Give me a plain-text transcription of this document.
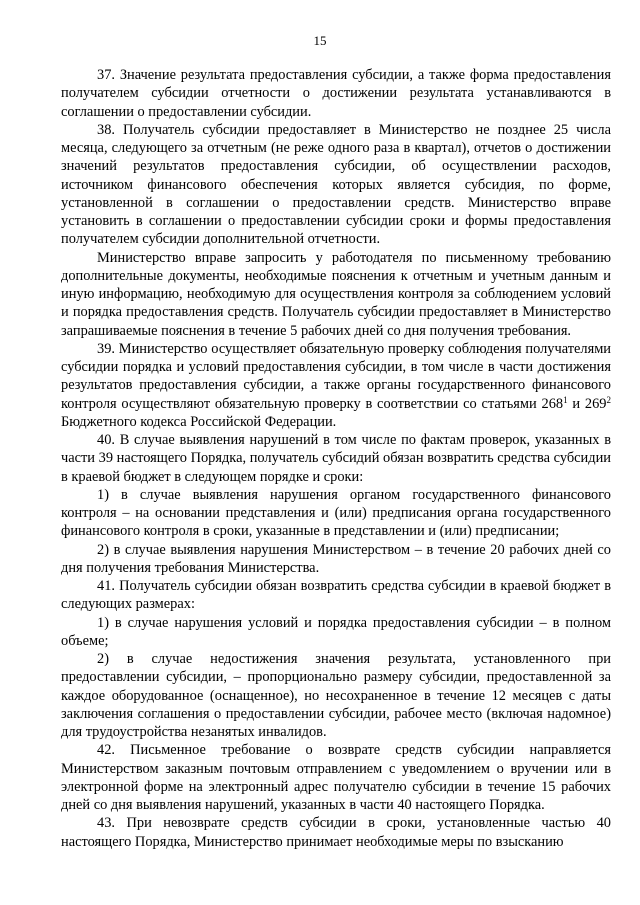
15

37. Значение результата предоставления субсидии, а также форма предоставления получателем субсидии отчетности о достижении результата устанавливаются в соглашении о предоставлении субсидии.

38. Получатель субсидии предоставляет в Министерство не позднее 25 числа месяца, следующего за отчетным (не реже одного раза в квартал), отчетов о достижении значений результатов предоставления субсидии, об осуществлении расходов, источником финансового обеспечения которых является субсидия, по форме, установленной в соглашении о предоставлении средств. Министерство вправе установить в соглашении о предоставлении субсидии сроки и формы предоставления получателем субсидии дополнительной отчетности.

Министерство вправе запросить у работодателя по письменному требованию дополнительные документы, необходимые пояснения к отчетным и учетным данным и иную информацию, необходимую для осуществления контроля за соблюдением условий и порядка предоставления средств. Получатель субсидии предоставляет в Министерство запрашиваемые пояснения в течение 5 рабочих дней со дня получения требования.

39. Министерство осуществляет обязательную проверку соблюдения получателями субсидии порядка и условий предоставления субсидии, в том числе в части достижения результатов предоставления субсидии, а также органы государственного финансового контроля осуществляют обязательную проверку в соответствии со статьями $268^1$ и $269^2$ Бюджетного кодекса Российской Федерации.

40. В случае выявления нарушений в том числе по фактам проверок, указанных в части 39 настоящего Порядка, получатель субсидий обязан возвратить средства субсидии в краевой бюджет в следующем порядке и сроки:

1) в случае выявления нарушения органом государственного финансового контроля – на основании представления и (или) предписания органа государственного финансового контроля в сроки, указанные в представлении и (или) предписании;

2) в случае выявления нарушения Министерством – в течение 20 рабочих дней со дня получения требования Министерства.

41. Получатель субсидии обязан возвратить средства субсидии в краевой бюджет в следующих размерах:

1) в случае нарушения условий и порядка предоставления субсидии – в полном объеме;

2) в случае недостижения значения результата, установленного при предоставлении субсидии, – пропорционально размеру субсидии, предоставленной за каждое оборудованное (оснащенное), но несохраненное в течение 12 месяцев с даты заключения соглашения о предоставлении субсидии, рабочее место (включая надомное) для трудоустройства незанятых инвалидов.

42. Письменное требование о возврате средств субсидии направляется Министерством заказным почтовым отправлением с уведомлением о вручении или в электронной форме на электронный адрес получателю субсидии в течение 15 рабочих дней со дня выявления нарушений, указанных в части 40 настоящего Порядка.

43. При невозврате средств субсидии в сроки, установленные частью 40 настоящего Порядка, Министерство принимает необходимые меры по взысканию
